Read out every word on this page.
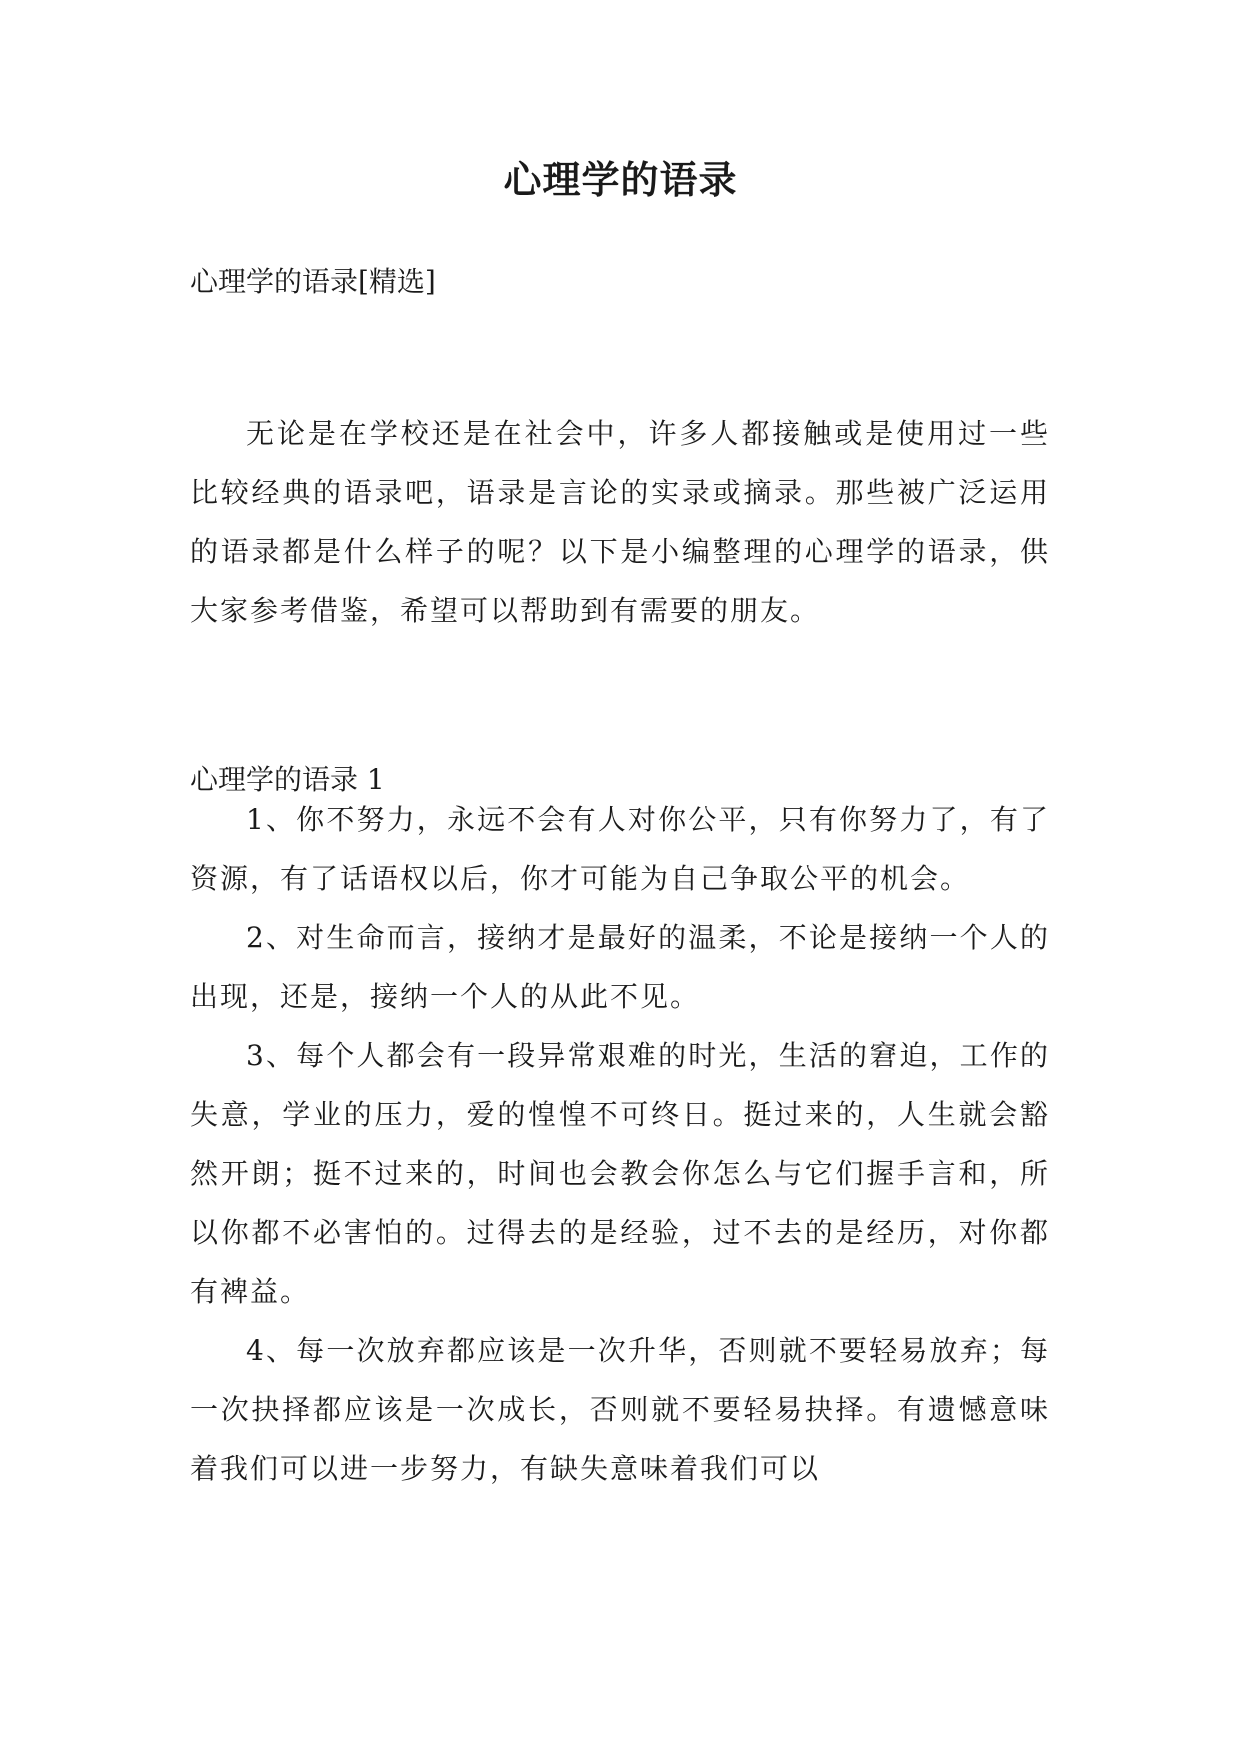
心理学的语录

心理学的语录[精选]

无论是在学校还是在社会中，许多人都接触或是使用过一些比较经典的语录吧，语录是言论的实录或摘录。那些被广泛运用的语录都是什么样子的呢？以下是小编整理的心理学的语录，供大家参考借鉴，希望可以帮助到有需要的朋友。

心理学的语录 1

1 、 你不努力，永远不会有人对你公平，只有你努力了，有了资源，有了话语权以后，你才可能为自己争取公平的机会。
2 、 对生命而言，接纳才是最好的温柔，不论是接纳一个人的出现，还是，接纳一个人的从此不见。
3 、 每个人都会有一段异常艰难的时光，生活的窘迫，工作的失意，学业的压力，爱的惶惶不可终日。挺过来的，人生就会豁然开朗；挺不过来的，时间也会教会你怎么与它们握手言和，所以你都不必害怕的。过得去的是经验，过不去的是经历，对你都有裨益。
4 、 每一次放弃都应该是一次升华，否则就不要轻易放弃；每一次抉择都应该是一次成长，否则就不要轻易抉择。有遗憾意味着我们可以进一步努力，有缺失意味着我们可以
